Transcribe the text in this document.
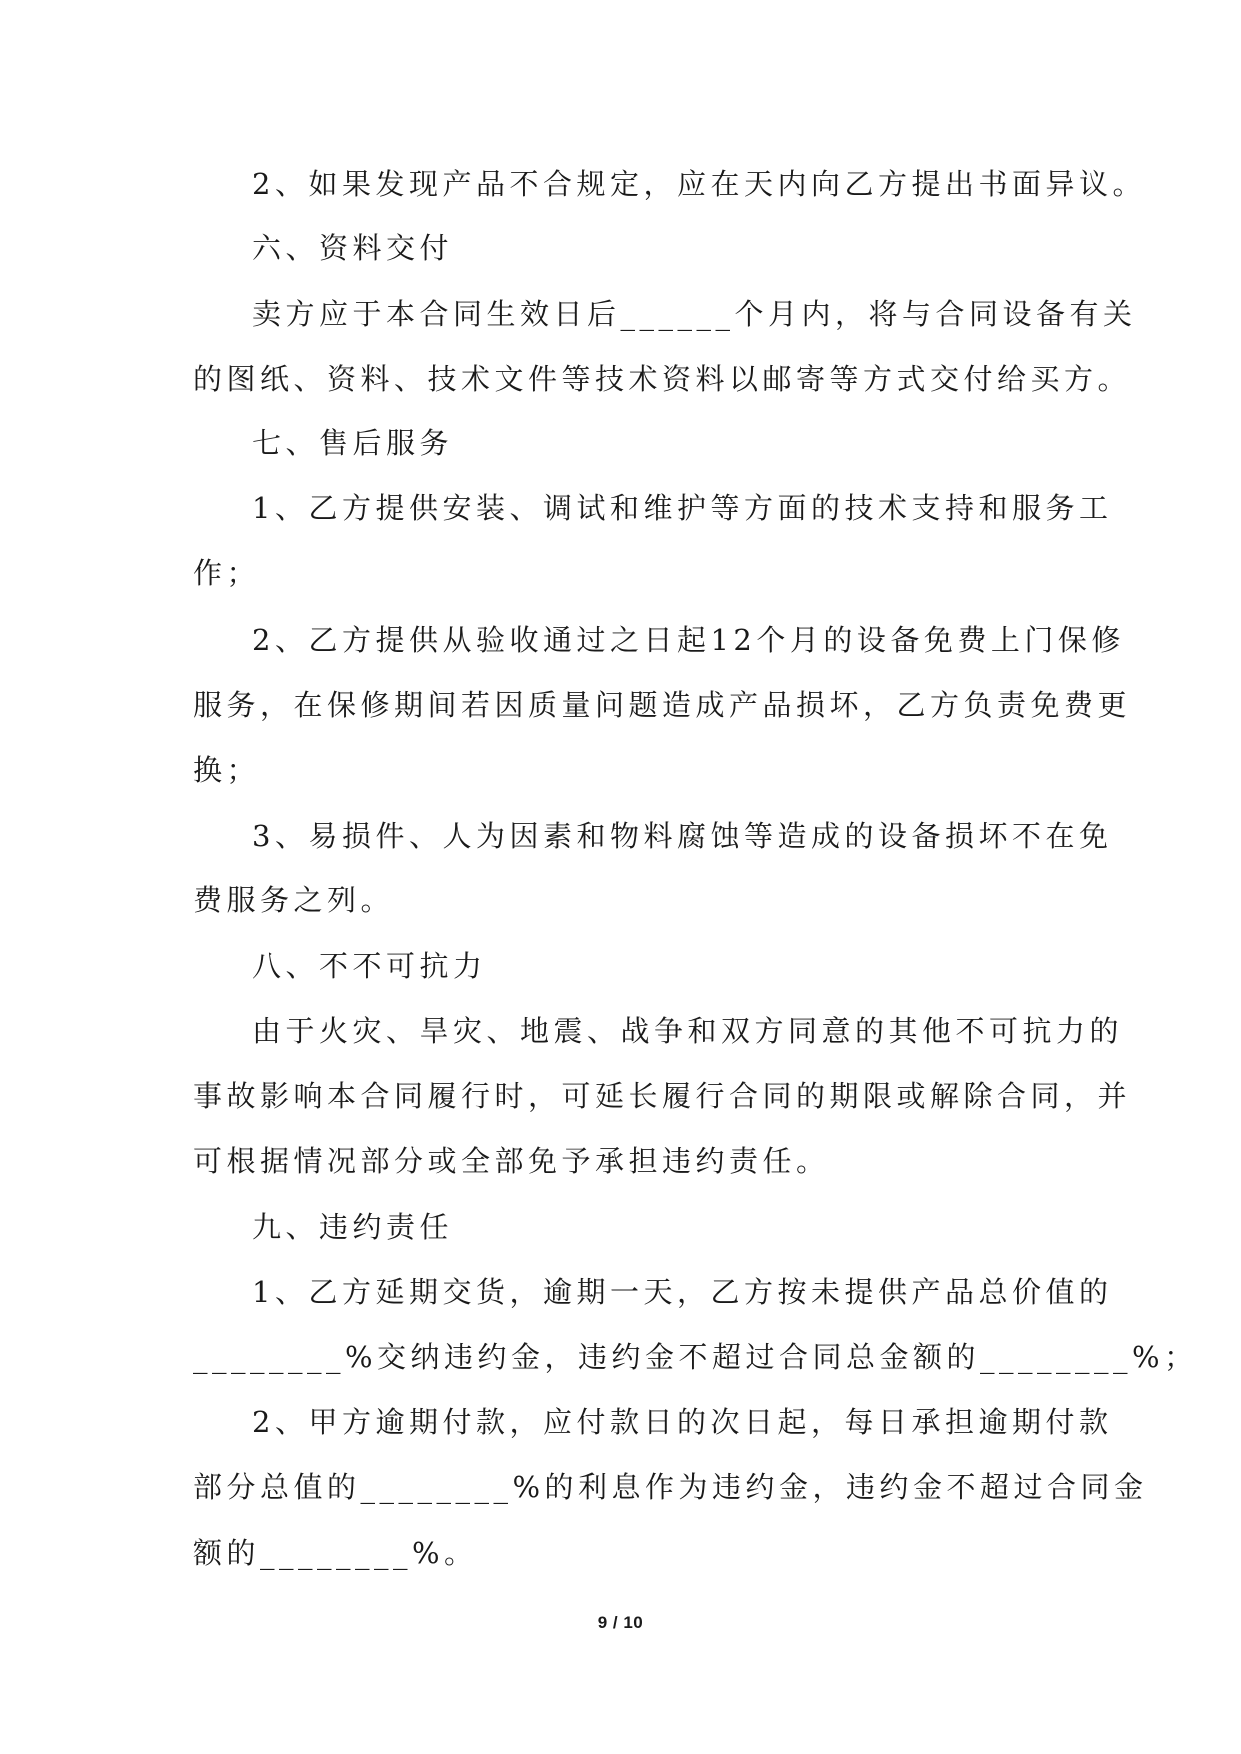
2、如果发现产品不合规定，应在天内向乙方提出书面异议。
六、资料交付
卖方应于本合同生效日后______个月内，将与合同设备有关
的图纸、资料、技术文件等技术资料以邮寄等方式交付给买方。
七、售后服务
1、乙方提供安装、调试和维护等方面的技术支持和服务工
作；
2、乙方提供从验收通过之日起12个月的设备免费上门保修
服务，在保修期间若因质量问题造成产品损坏，乙方负责免费更
换；
3、易损件、人为因素和物料腐蚀等造成的设备损坏不在免
费服务之列。
八、不不可抗力
由于火灾、旱灾、地震、战争和双方同意的其他不可抗力的
事故影响本合同履行时，可延长履行合同的期限或解除合同，并
可根据情况部分或全部免予承担违约责任。
九、违约责任
1、乙方延期交货，逾期一天，乙方按未提供产品总价值的
________%交纳违约金，违约金不超过合同总金额的________%；
2、甲方逾期付款，应付款日的次日起，每日承担逾期付款
部分总值的________%的利息作为违约金，违约金不超过合同金
额的________%。
9 / 10
